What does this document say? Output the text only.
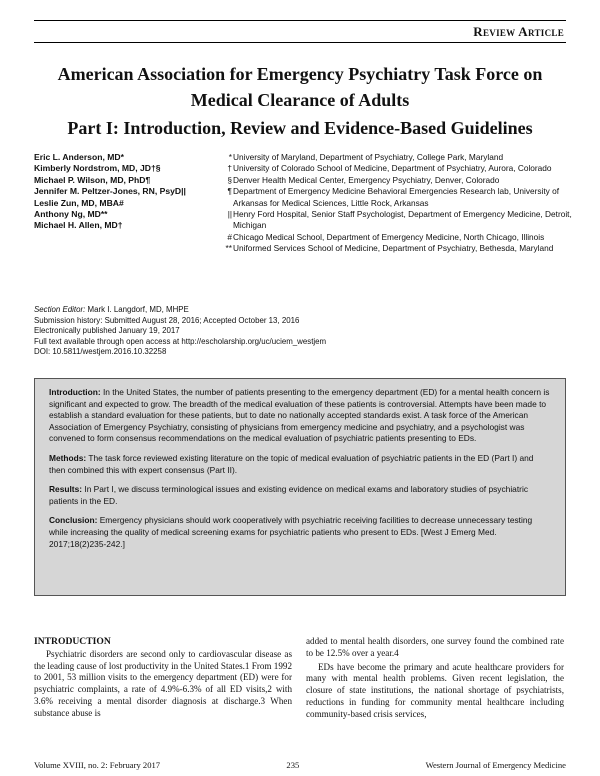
Review Article
American Association for Emergency Psychiatry Task Force on
Medical Clearance of Adults
Part I: Introduction, Review and Evidence-Based Guidelines
Eric L. Anderson, MD*
Kimberly Nordstrom, MD, JD†§
Michael P. Wilson, MD, PhD¶
Jennifer M. Peltzer-Jones, RN, PsyD||
Leslie Zun, MD, MBA#
Anthony Ng, MD**
Michael H. Allen, MD†
* University of Maryland, Department of Psychiatry, College Park, Maryland
† University of Colorado School of Medicine, Department of Psychiatry, Aurora, Colorado
§ Denver Health Medical Center, Emergency Psychiatry, Denver, Colorado
¶ Department of Emergency Medicine Behavioral Emergencies Research lab, University of Arkansas for Medical Sciences, Little Rock, Arkansas
|| Henry Ford Hospital, Senior Staff Psychologist, Department of Emergency Medicine, Detroit, Michigan
# Chicago Medical School, Department of Emergency Medicine, North Chicago, Illinois
** Uniformed Services School of Medicine, Department of Psychiatry, Bethesda, Maryland
Section Editor: Mark I. Langdorf, MD, MHPE
Submission history: Submitted August 28, 2016; Accepted October 13, 2016
Electronically published January 19, 2017
Full text available through open access at http://escholarship.org/uc/uciem_westjem
DOI: 10.5811/westjem.2016.10.32258

Introduction: In the United States, the number of patients presenting to the emergency department (ED) for a mental health concern is significant and expected to grow. The breadth of the medical evaluation of these patients is controversial. Attempts have been made to establish a standard evaluation for these patients, but to date no nationally accepted standards exist. A task force of the American Association of Emergency Psychiatry, consisting of physicians from emergency medicine and psychiatry, and a psychologist was convened to form consensus recommendations on the medical evaluation of psychiatric patients presenting to EDs.

Methods: The task force reviewed existing literature on the topic of medical evaluation of psychiatric patients in the ED (Part I) and then combined this with expert consensus (Part II).

Results: In Part I, we discuss terminological issues and existing evidence on medical exams and laboratory studies of psychiatric patients in the ED.

Conclusion: Emergency physicians should work cooperatively with psychiatric receiving facilities to decrease unnecessary testing while increasing the quality of medical screening exams for psychiatric patients who present to EDs. [West J Emerg Med. 2017;18(2)235-242.]

INTRODUCTION

Psychiatric disorders are second only to cardiovascular disease as the leading cause of lost productivity in the United States.1 From 1992 to 2001, 53 million visits to the emergency department (ED) were for psychiatric complaints, a rate of 4.9%-6.3% of all ED visits,2 with 3.6% receiving a mental disorder diagnosis at discharge.3 When substance abuse is

added to mental health disorders, one survey found the combined rate to be 12.5% over a year.4

EDs have become the primary and acute healthcare providers for many with mental health problems. Given recent legislation, the closure of state institutions, the national shortage of psychiatrists, reductions in funding for community mental healthcare including community-based crisis services,

Volume XVIII, no. 2: February 2017	235	Western Journal of Emergency Medicine
